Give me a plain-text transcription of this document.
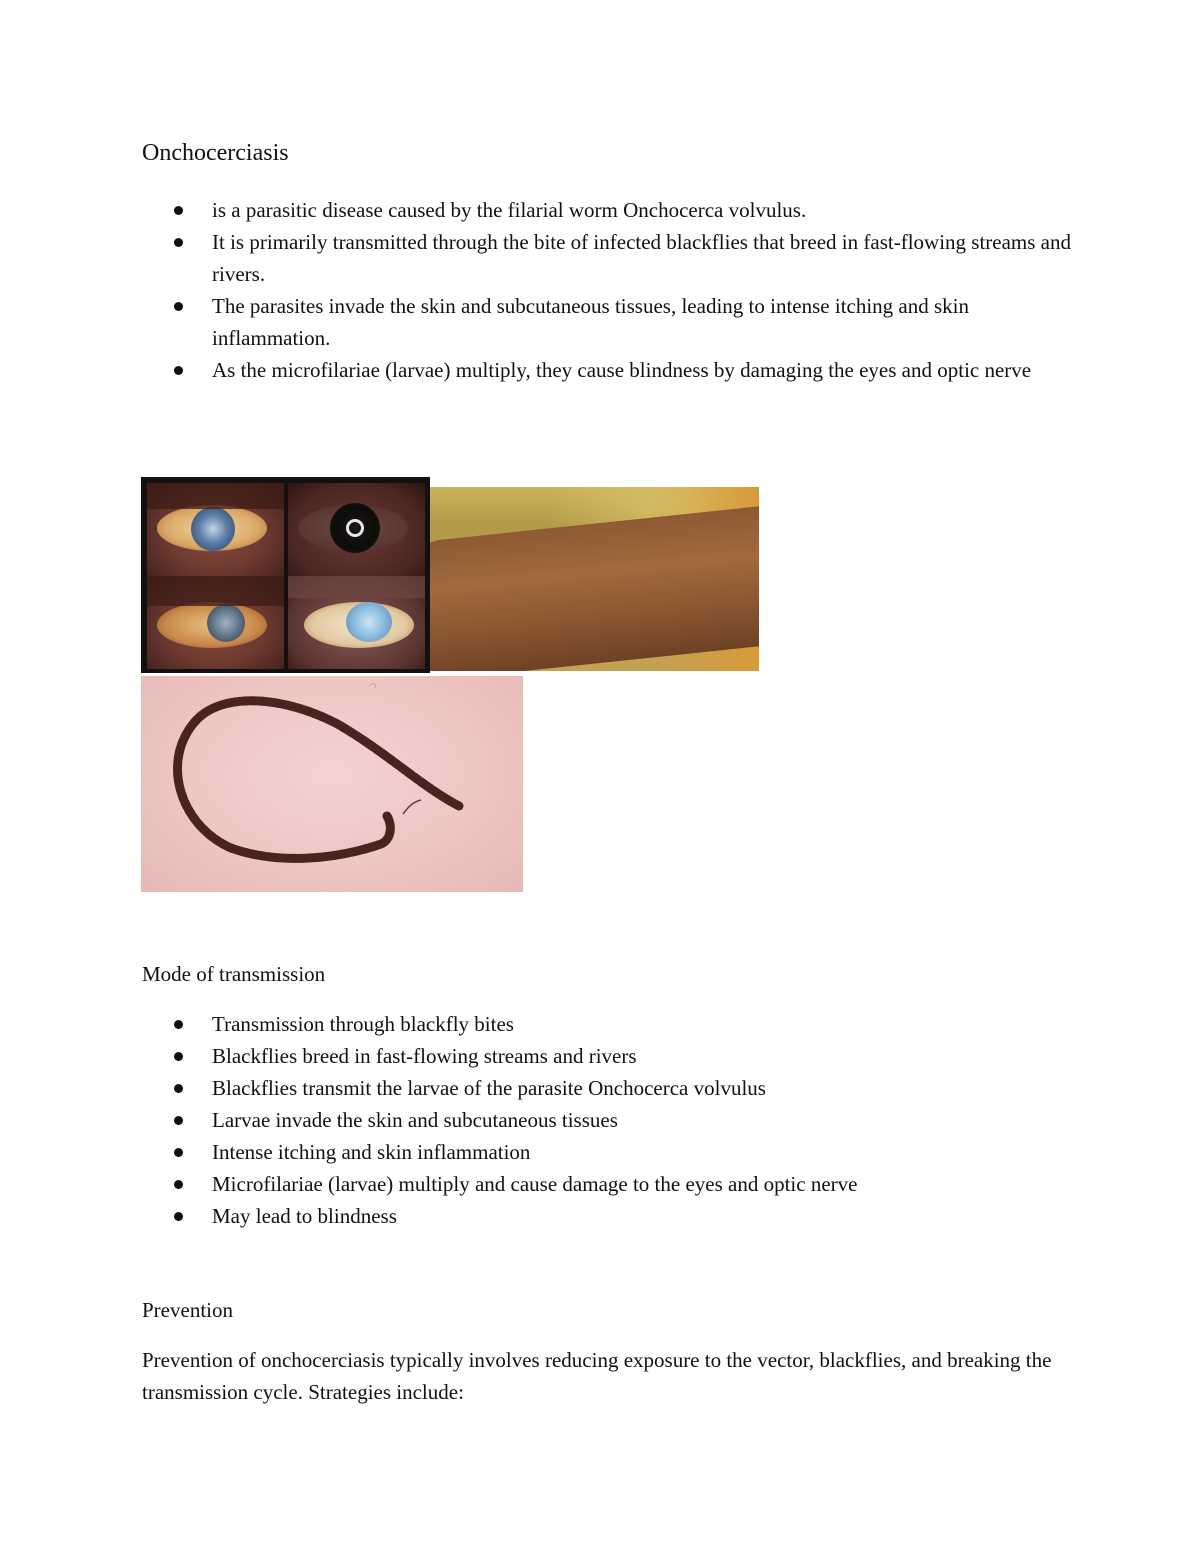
Onchocerciasis
is a parasitic disease caused by the filarial worm Onchocerca volvulus.
It is primarily transmitted through the bite of infected blackflies that breed in fast-flowing streams and rivers.
The parasites invade the skin and subcutaneous tissues, leading to intense itching and skin inflammation.
As the microfilariae (larvae) multiply, they cause blindness by damaging the eyes and optic nerve
Mode of transmission
Transmission through blackfly bites
Blackflies breed in fast-flowing streams and rivers
Blackflies transmit the larvae of the parasite Onchocerca volvulus
Larvae invade the skin and subcutaneous tissues
Intense itching and skin inflammation
Microfilariae (larvae) multiply and cause damage to the eyes and optic nerve
May lead to blindness
Prevention

Prevention of onchocerciasis typically involves reducing exposure to the vector, blackflies, and breaking the transmission cycle. Strategies include:
